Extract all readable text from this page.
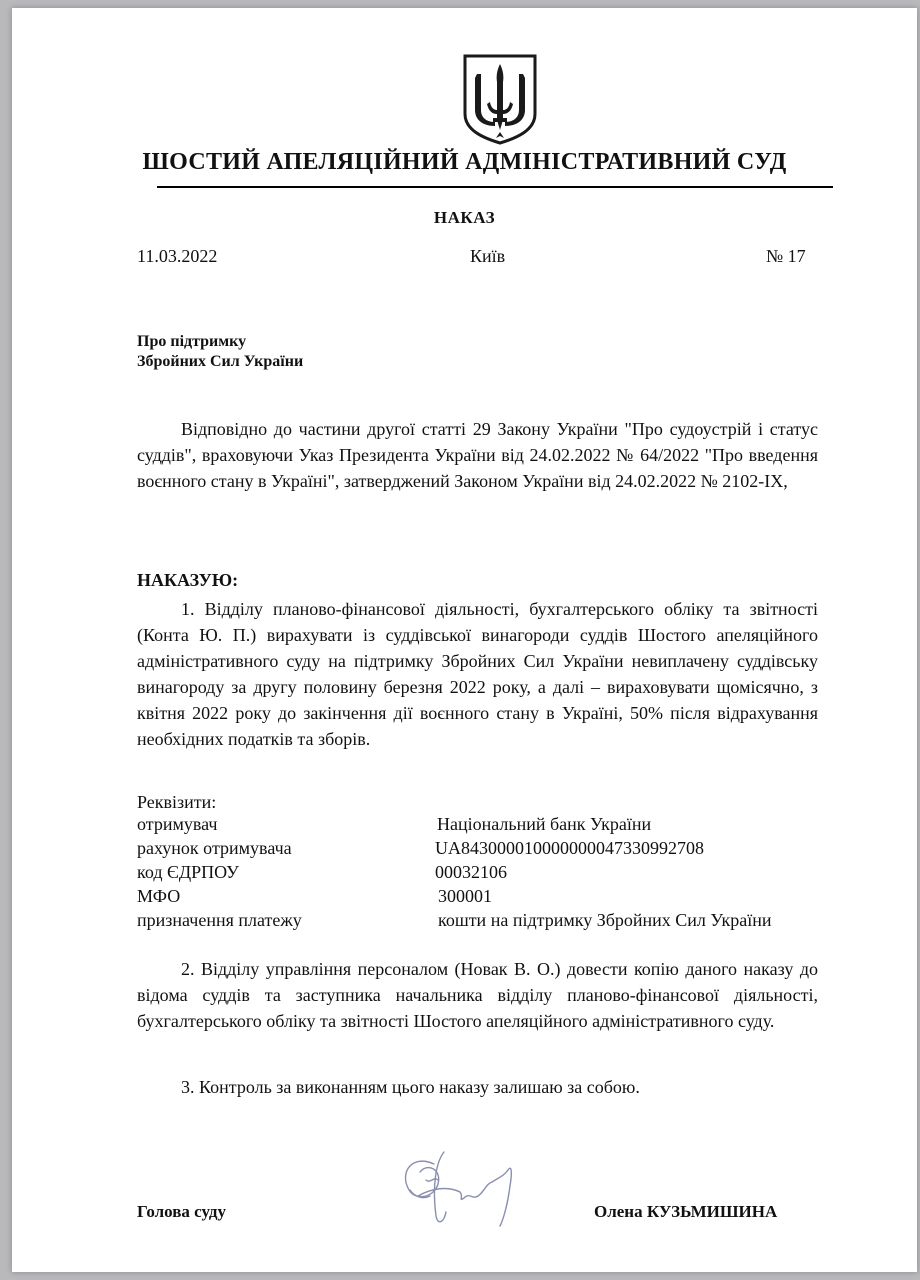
ШОСТИЙ АПЕЛЯЦІЙНИЙ АДМІНІСТРАТИВНИЙ СУД
НАКАЗ
11.03.2022	Київ	№ 17
Про підтримку
Збройних Сил України
Відповідно до частини другої статті 29 Закону України "Про судоустрій і статус суддів", враховуючи Указ Президента України від 24.02.2022 № 64/2022 "Про введення воєнного стану в Україні", затверджений Законом України від 24.02.2022 № 2102-IX,
НАКАЗУЮ:
1. Відділу планово-фінансової діяльності, бухгалтерського обліку та звітності (Конта Ю. П.) вирахувати із суддівської винагороди суддів Шостого апеляційного адміністративного суду на підтримку Збройних Сил України невиплачену суддівську винагороду за другу половину березня 2022 року, а далі – вираховувати щомісячно, з квітня 2022 року до закінчення дії воєнного стану в Україні, 50% після відрахування необхідних податків та зборів.
Реквізити:
отримувач	Національний банк України
рахунок отримувача	UA843000010000000047330992708
код ЄДРПОУ	00032106
МФО	300001
призначення платежу	кошти на підтримку Збройних Сил України
2. Відділу управління персоналом (Новак В. О.) довести копію даного наказу до відома суддів та заступника начальника відділу планово-фінансової діяльності, бухгалтерського обліку та звітності Шостого апеляційного адміністративного суду.
3. Контроль за виконанням цього наказу залишаю за собою.
Голова суду	Олена КУЗЬМИШИНА
